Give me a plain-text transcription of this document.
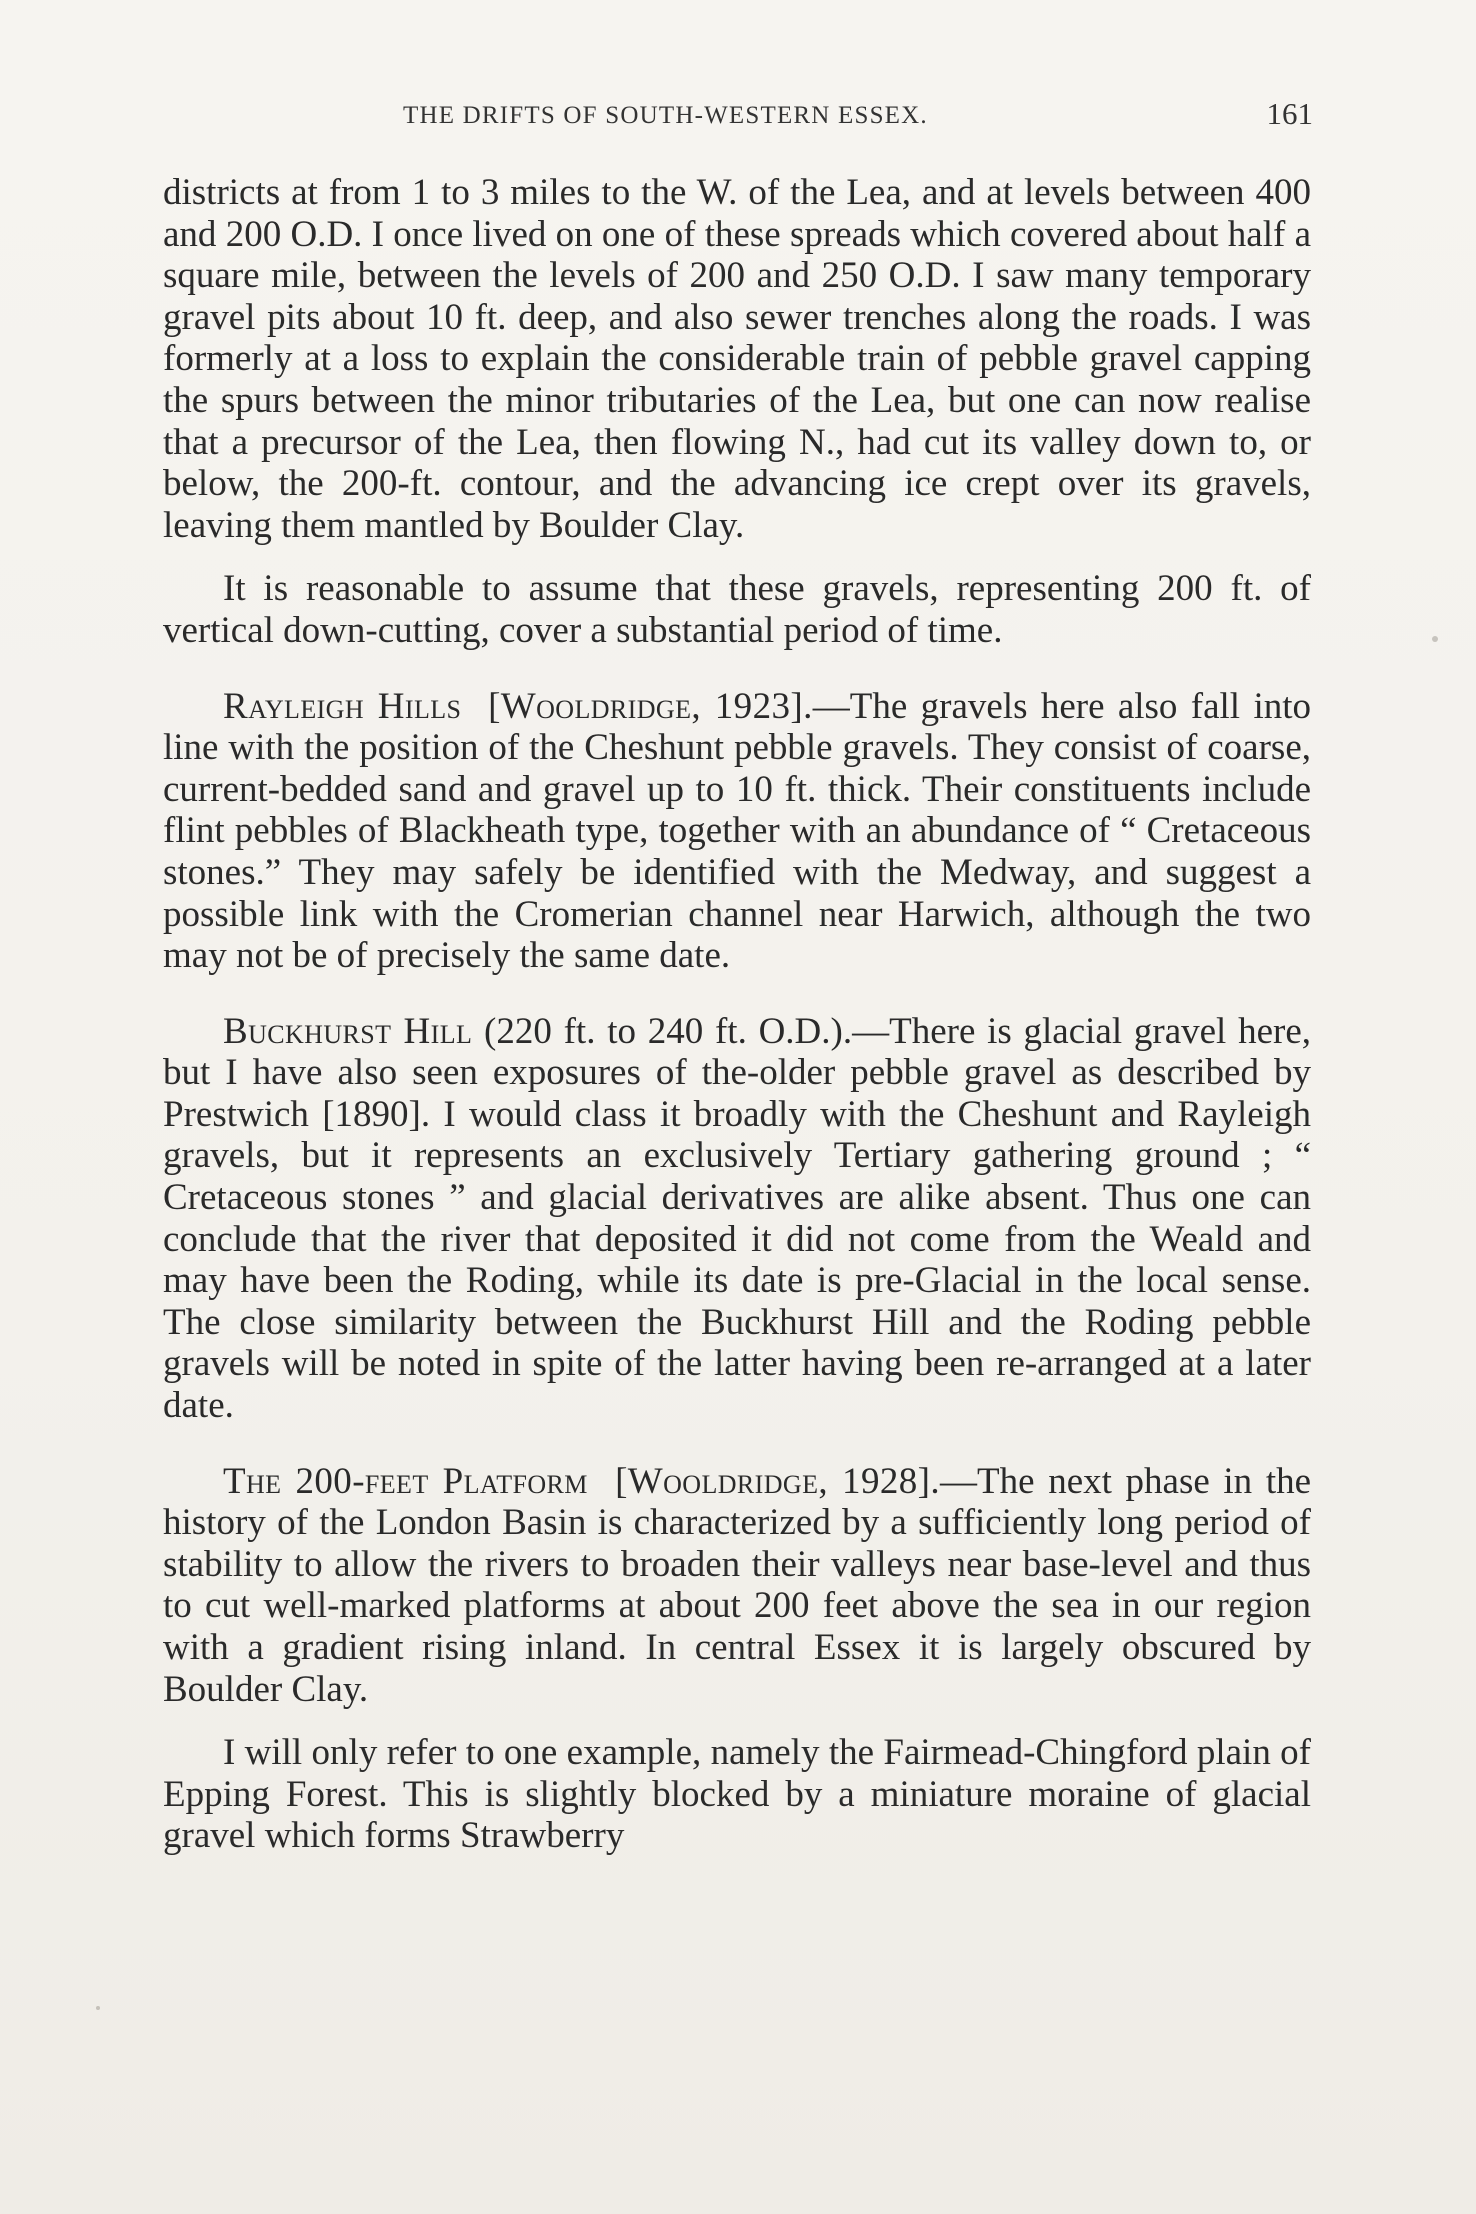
THE DRIFTS OF SOUTH-WESTERN ESSEX.	161

districts at from 1 to 3 miles to the W. of the Lea, and at levels between 400 and 200 O.D. I once lived on one of these spreads which covered about half a square mile, between the levels of 200 and 250 O.D. I saw many temporary gravel pits about 10 ft. deep, and also sewer trenches along the roads. I was formerly at a loss to explain the considerable train of pebble gravel capping the spurs between the minor tributaries of the Lea, but one can now realise that a precursor of the Lea, then flowing N., had cut its valley down to, or below, the 200-ft. contour, and the advancing ice crept over its gravels, leaving them mantled by Boulder Clay.

It is reasonable to assume that these gravels, representing 200 ft. of vertical down-cutting, cover a substantial period of time.

Rayleigh Hills [Wooldridge, 1923].—The gravels here also fall into line with the position of the Cheshunt pebble gravels. They consist of coarse, current-bedded sand and gravel up to 10 ft. thick. Their constituents include flint pebbles of Blackheath type, together with an abundance of “ Cretaceous stones.” They may safely be identified with the Medway, and suggest a possible link with the Cromerian channel near Harwich, although the two may not be of precisely the same date.

Buckhurst Hill (220 ft. to 240 ft. O.D.).—There is glacial gravel here, but I have also seen exposures of the-older pebble gravel as described by Prestwich [1890]. I would class it broadly with the Cheshunt and Rayleigh gravels, but it represents an exclusively Tertiary gathering ground ; “ Cretaceous stones ” and glacial derivatives are alike absent. Thus one can conclude that the river that deposited it did not come from the Weald and may have been the Roding, while its date is pre-Glacial in the local sense. The close similarity between the Buckhurst Hill and the Roding pebble gravels will be noted in spite of the latter having been re-arranged at a later date.

The 200-feet Platform [Wooldridge, 1928].—The next phase in the history of the London Basin is characterized by a sufficiently long period of stability to allow the rivers to broaden their valleys near base-level and thus to cut well-marked platforms at about 200 feet above the sea in our region with a gradient rising inland. In central Essex it is largely obscured by Boulder Clay.

I will only refer to one example, namely the Fairmead-Chingford plain of Epping Forest. This is slightly blocked by a miniature moraine of glacial gravel which forms Strawberry
